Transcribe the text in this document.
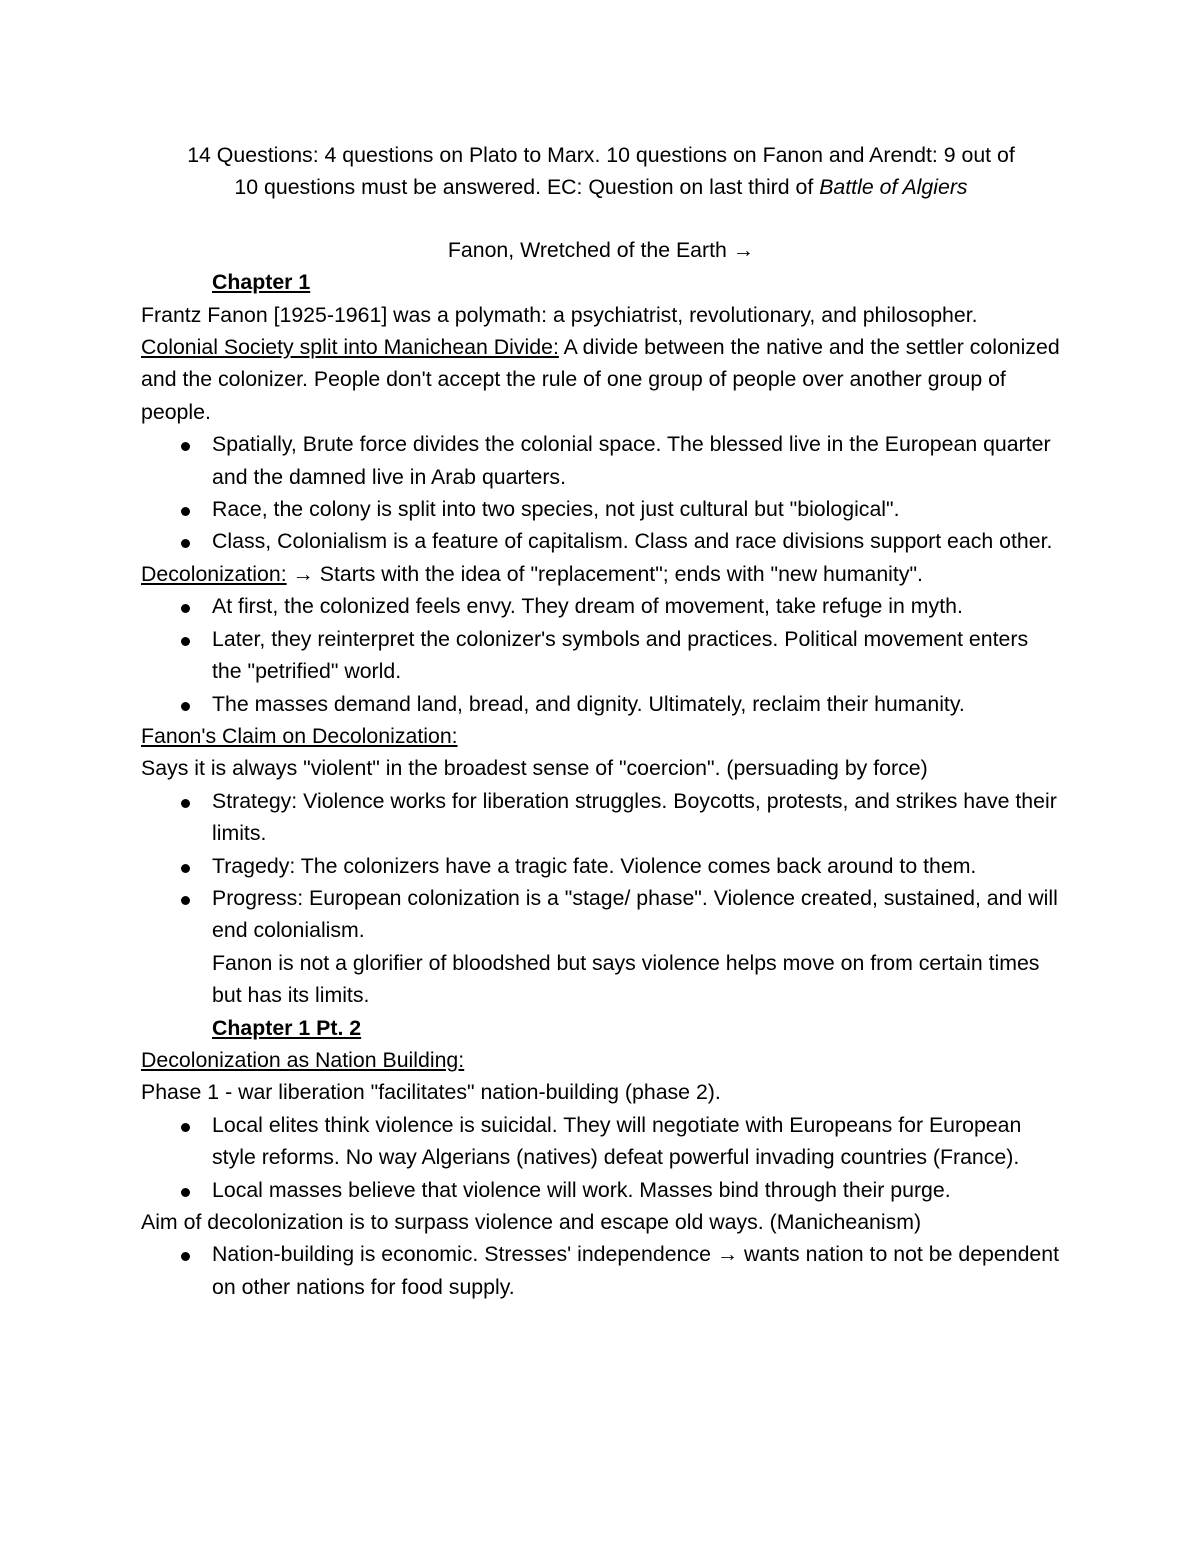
14 Questions: 4 questions on Plato to Marx. 10 questions on Fanon and Arendt: 9 out of 10 questions must be answered. EC: Question on last third of Battle of Algiers

Fanon, Wretched of the Earth →

Chapter 1

Frantz Fanon [1925-1961] was a polymath: a psychiatrist, revolutionary, and philosopher.

Colonial Society split into Manichean Divide: A divide between the native and the settler colonized and the colonizer. People don't accept the rule of one group of people over another group of people.

Spatially, Brute force divides the colonial space. The blessed live in the European quarter and the damned live in Arab quarters.
Race, the colony is split into two species, not just cultural but "biological".
Class, Colonialism is a feature of capitalism. Class and race divisions support each other.

Decolonization: → Starts with the idea of "replacement"; ends with "new humanity".

At first, the colonized feels envy. They dream of movement, take refuge in myth.
Later, they reinterpret the colonizer's symbols and practices. Political movement enters the "petrified" world.
The masses demand land, bread, and dignity. Ultimately, reclaim their humanity.

Fanon's Claim on Decolonization:

Says it is always "violent" in the broadest sense of "coercion". (persuading by force)

Strategy: Violence works for liberation struggles. Boycotts, protests, and strikes have their limits.
Tragedy: The colonizers have a tragic fate. Violence comes back around to them.
Progress: European colonization is a "stage/ phase". Violence created, sustained, and will end colonialism.

Fanon is not a glorifier of bloodshed but says violence helps move on from certain times but has its limits.

Chapter 1 Pt. 2

Decolonization as Nation Building:

Phase 1 - war liberation "facilitates" nation-building (phase 2).

Local elites think violence is suicidal. They will negotiate with Europeans for European style reforms. No way Algerians (natives) defeat powerful invading countries (France).
Local masses believe that violence will work. Masses bind through their purge.

Aim of decolonization is to surpass violence and escape old ways. (Manicheanism)

Nation-building is economic. Stresses' independence → wants nation to not be dependent on other nations for food supply.
